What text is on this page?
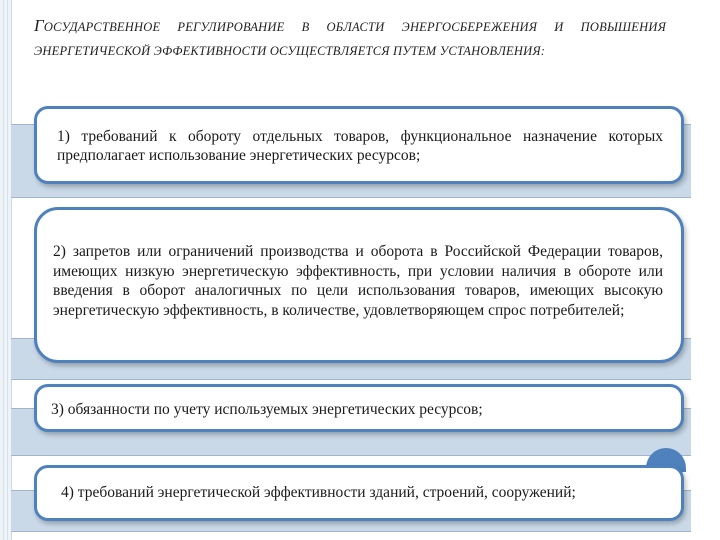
ГОСУДАРСТВЕННОЕ РЕГУЛИРОВАНИЕ В ОБЛАСТИ ЭНЕРГОСБЕРЕЖЕНИЯ И ПОВЫШЕНИЯ ЭНЕРГЕТИЧЕСКОЙ ЭФФЕКТИВНОСТИ ОСУЩЕСТВЛЯЕТСЯ ПУТЕМ УСТАНОВЛЕНИЯ:
1) требований к обороту отдельных товаров, функциональное назначение которых предполагает использование энергетических ресурсов;
2) запретов или ограничений производства и оборота в Российской Федерации товаров, имеющих низкую энергетическую эффективность, при условии наличия в обороте или введения в оборот аналогичных по цели использования товаров, имеющих высокую энергетическую эффективность, в количестве, удовлетворяющем спрос потребителей;
3) обязанности по учету используемых энергетических ресурсов;
4) требований энергетической эффективности зданий, строений, сооружений;
